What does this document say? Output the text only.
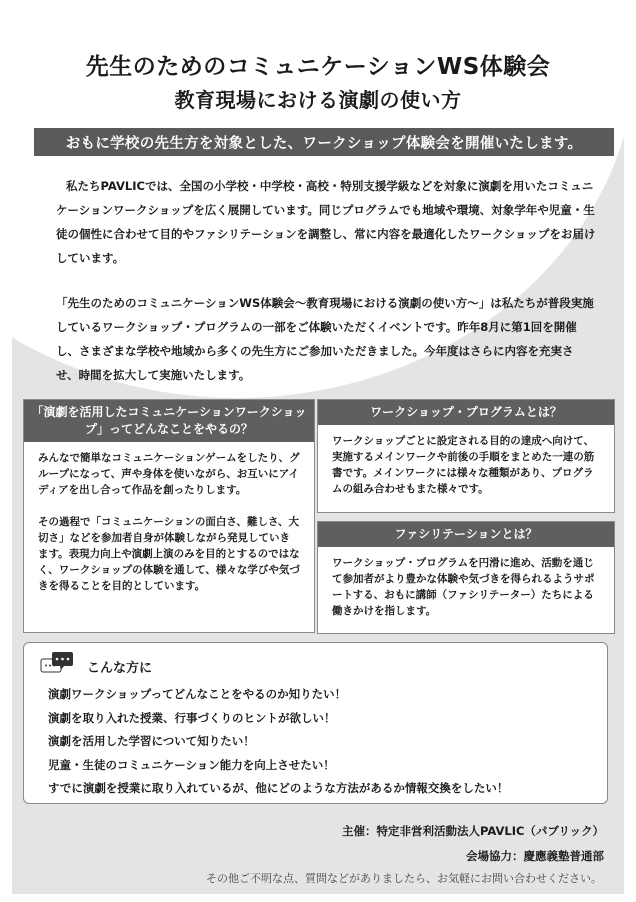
先生のためのコミュニケーションWS体験会
教育現場における演劇の使い方
おもに学校の先生方を対象とした、ワークショップ体験会を開催いたします。

私たちPAVLICでは、全国の小学校・中学校・高校・特別支援学級などを対象に演劇を用いたコミュニケーションワークショップを広く展開しています。同じプログラムでも地域や環境、対象学年や児童・生徒の個性に合わせて目的やファシリテーションを調整し、常に内容を最適化したワークショップをお届けしています。

「先生のためのコミュニケーションWS体験会～教育現場における演劇の使い方～」は私たちが普段実施しているワークショップ・プログラムの一部をご体験いただくイベントです。昨年8月に第1回を開催し、さまざまな学校や地域から多くの先生方にご参加いただきました。今年度はさらに内容を充実させ、時間を拡大して実施いたします。

「演劇を活用したコミュニケーションワークショップ」ってどんなことをやるの？

みんなで簡単なコミュニケーションゲームをしたり、グループになって、声や身体を使いながら、お互いにアイディアを出し合って作品を創ったりします。

その過程で「コミュニケーションの面白さ、難しさ、大切さ」などを参加者自身が体験しながら発見していきます。表現力向上や演劇上演のみを目的とするのではなく、ワークショップの体験を通して、様々な学びや気づきを得ることを目的としています。

ワークショップ・プログラムとは？
ワークショップごとに設定される目的の達成へ向けて、実施するメインワークや前後の手順をまとめた一連の筋書です。メインワークには様々な種類があり、プログラムの組み合わせもまた様々です。
ファシリテーションとは？
ワークショップ・プログラムを円滑に進め、活動を通じて参加者がより豊かな体験や気づきを得られるようサポートする、おもに講師（ファシリテーター）たちによる働きかけを指します。
こんな方に
演劇ワークショップってどんなことをやるのか知りたい！
演劇を取り入れた授業、行事づくりのヒントが欲しい！
演劇を活用した学習について知りたい！
児童・生徒のコミュニケーション能力を向上させたい！
すでに演劇を授業に取り入れているが、他にどのような方法があるか情報交換をしたい！
主催：特定非営利活動法人PAVLIC（パブリック）
会場協力：慶應義塾普通部
その他ご不明な点、質問などがありましたら、お気軽にお問い合わせください。
